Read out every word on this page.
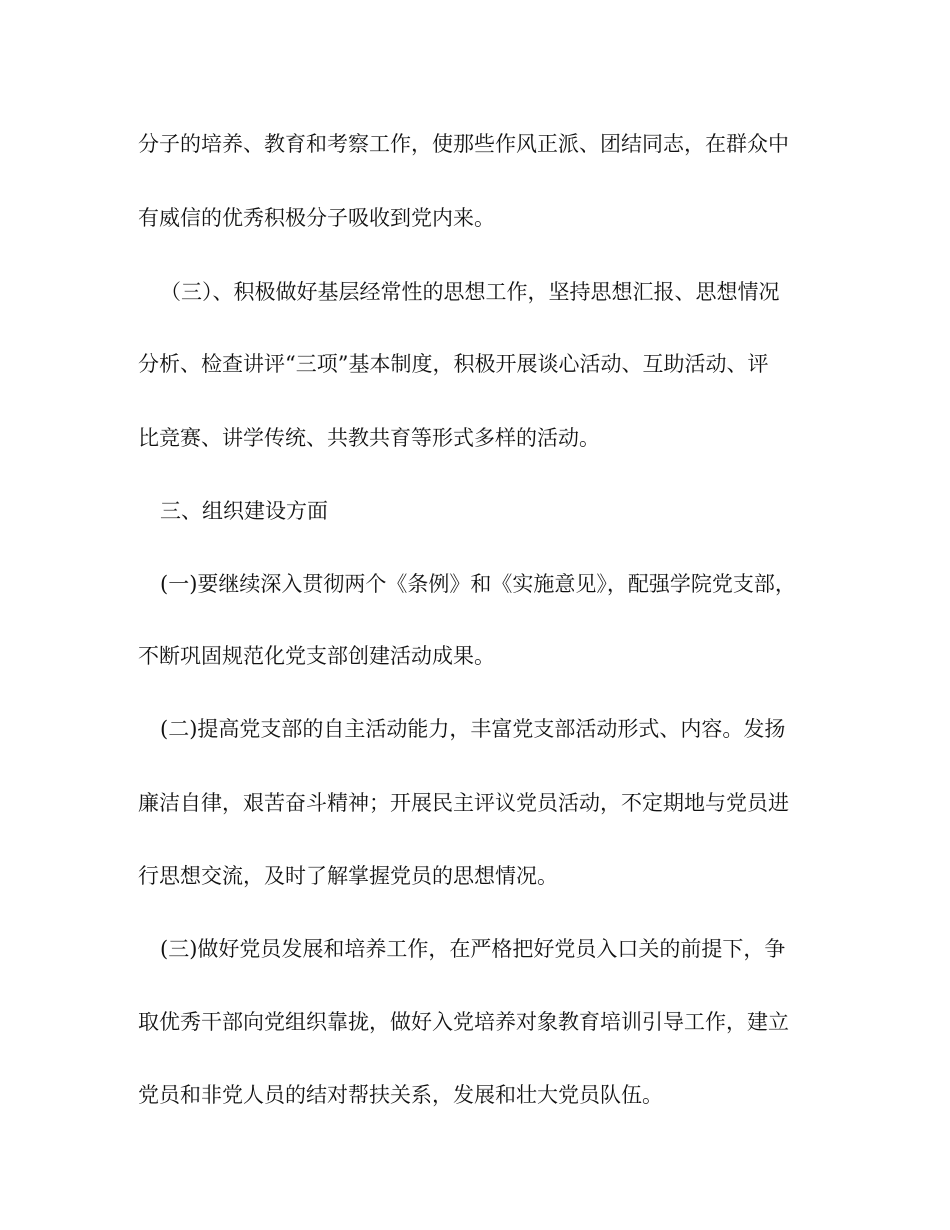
分子的培养、教育和考察工作，使那些作风正派、团结同志，在群众中
有威信的优秀积极分子吸收到党内来。
（三）、积极做好基层经常性的思想工作，坚持思想汇报、思想情况
分析、检查讲评“三项”基本制度，积极开展谈心活动、互助活动、评
比竞赛、讲学传统、共教共育等形式多样的活动。
三、组织建设方面
(一)要继续深入贯彻两个《条例》和《实施意见》，配强学院党支部，
不断巩固规范化党支部创建活动成果。
(二)提高党支部的自主活动能力，丰富党支部活动形式、内容。发扬
廉洁自律，艰苦奋斗精神；开展民主评议党员活动，不定期地与党员进
行思想交流，及时了解掌握党员的思想情况。
(三)做好党员发展和培养工作，在严格把好党员入口关的前提下，争
取优秀干部向党组织靠拢，做好入党培养对象教育培训引导工作，建立
党员和非党人员的结对帮扶关系，发展和壮大党员队伍。
